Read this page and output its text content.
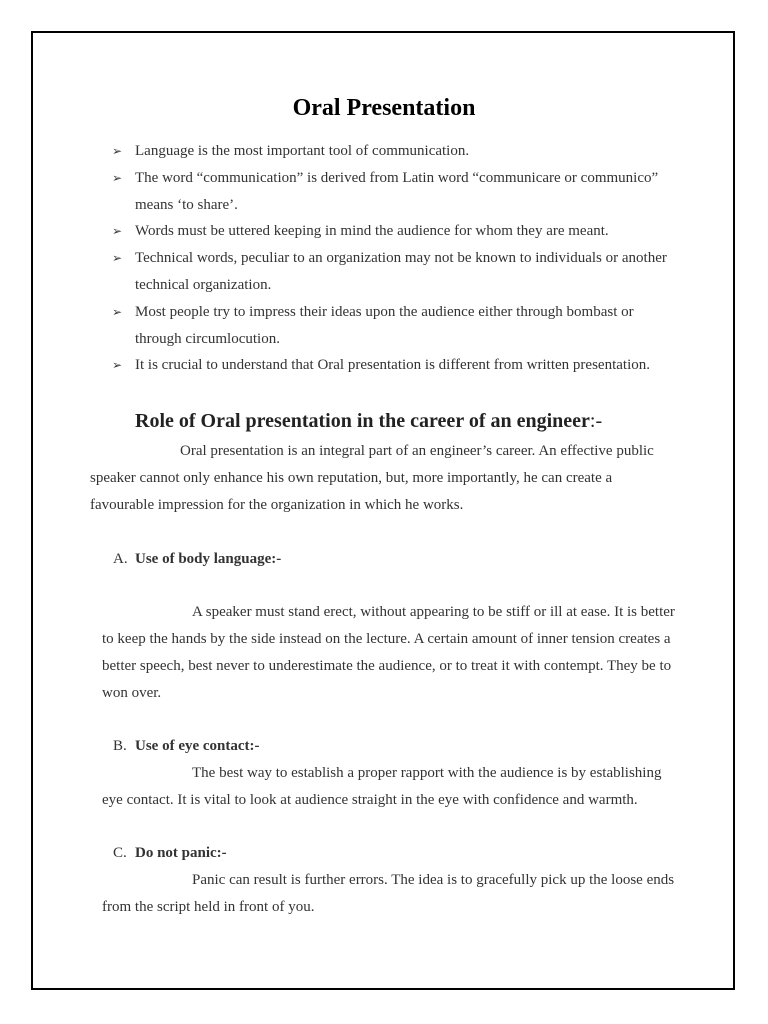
Oral Presentation
➢ Language is the most important tool of communication.
➢ The word “communication” is derived from Latin word “communicare or communico” means ‘to share’.
➢ Words must be uttered keeping in mind the audience for whom they are meant.
➢ Technical words, peculiar to an organization may not be known to individuals or another technical organization.
➢ Most people try to impress their ideas upon the audience either through bombast or through circumlocution.
➢ It is crucial to understand that Oral presentation is different from written presentation.
Role of Oral presentation in the career of an engineer:-
Oral presentation is an integral part of an engineer’s career. An effective public speaker cannot only enhance his own reputation, but, more importantly, he can create a favourable impression for the organization in which he works.
A. Use of body language:-
A speaker must stand erect, without appearing to be stiff or ill at ease. It is better to keep the hands by the side instead on the lecture. A certain amount of inner tension creates a better speech, best never to underestimate the audience, or to treat it with contempt. They be to won over.
B. Use of eye contact:-
The best way to establish a proper rapport with the audience is by establishing eye contact. It is vital to look at audience straight in the eye with confidence and warmth.
C. Do not panic:-
Panic can result is further errors. The idea is to gracefully pick up the loose ends from the script held in front of you.
